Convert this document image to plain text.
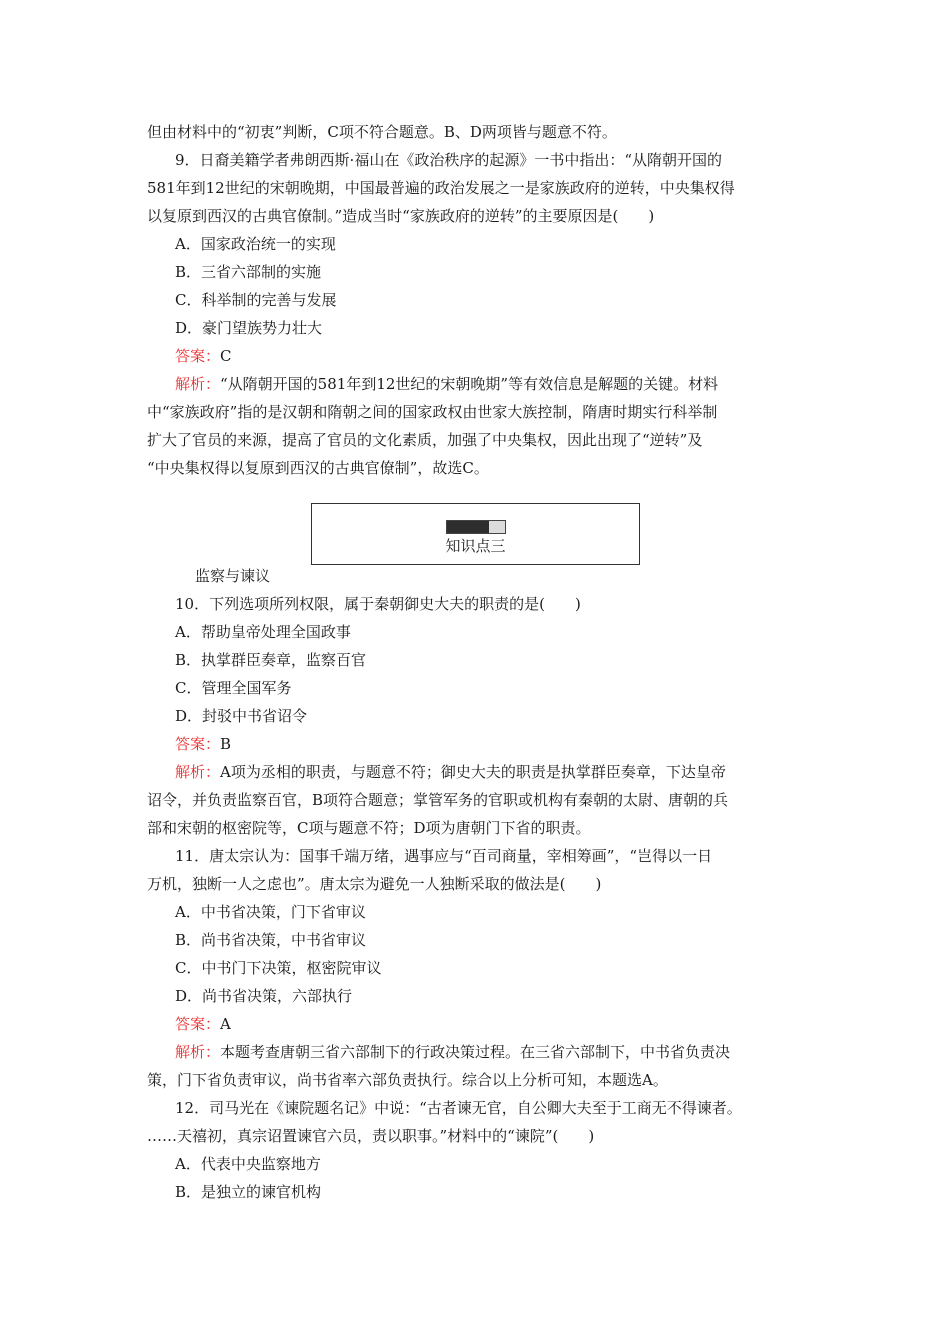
但由材料中的“初衷”判断，C项不符合题意。B、D两项皆与题意不符。
9．日裔美籍学者弗朗西斯·福山在《政治秩序的起源》一书中指出：“从隋朝开国的
581年到12世纪的宋朝晚期，中国最普遍的政治发展之一是家族政府的逆转，中央集权得
以复原到西汉的古典官僚制。”造成当时“家族政府的逆转”的主要原因是(　　)
A．国家政治统一的实现
B．三省六部制的实施
C．科举制的完善与发展
D．豪门望族势力壮大
答案：C
解析：“从隋朝开国的581年到12世纪的宋朝晚期”等有效信息是解题的关键。材料
中“家族政府”指的是汉朝和隋朝之间的国家政权由世家大族控制，隋唐时期实行科举制
扩大了官员的来源，提高了官员的文化素质，加强了中央集权，因此出现了“逆转”及
“中央集权得以复原到西汉的古典官僚制”，故选C。
知识点三
监察与谏议
10．下列选项所列权限，属于秦朝御史大夫的职责的是(　　)
A．帮助皇帝处理全国政事
B．执掌群臣奏章，监察百官
C．管理全国军务
D．封驳中书省诏令
答案：B
解析：A项为丞相的职责，与题意不符；御史大夫的职责是执掌群臣奏章，下达皇帝
诏令，并负责监察百官，B项符合题意；掌管军务的官职或机构有秦朝的太尉、唐朝的兵
部和宋朝的枢密院等，C项与题意不符；D项为唐朝门下省的职责。
11．唐太宗认为：国事千端万绪，遇事应与“百司商量，宰相筹画”，“岂得以一日
万机，独断一人之虑也”。唐太宗为避免一人独断采取的做法是(　　)
A．中书省决策，门下省审议
B．尚书省决策，中书省审议
C．中书门下决策，枢密院审议
D．尚书省决策，六部执行
答案：A
解析：本题考查唐朝三省六部制下的行政决策过程。在三省六部制下，中书省负责决
策，门下省负责审议，尚书省率六部负责执行。综合以上分析可知，本题选A。
12．司马光在《谏院题名记》中说：“古者谏无官，自公卿大夫至于工商无不得谏者。
……天禧初，真宗诏置谏官六员，责以职事。”材料中的“谏院”(　　)
A．代表中央监察地方
B．是独立的谏官机构
